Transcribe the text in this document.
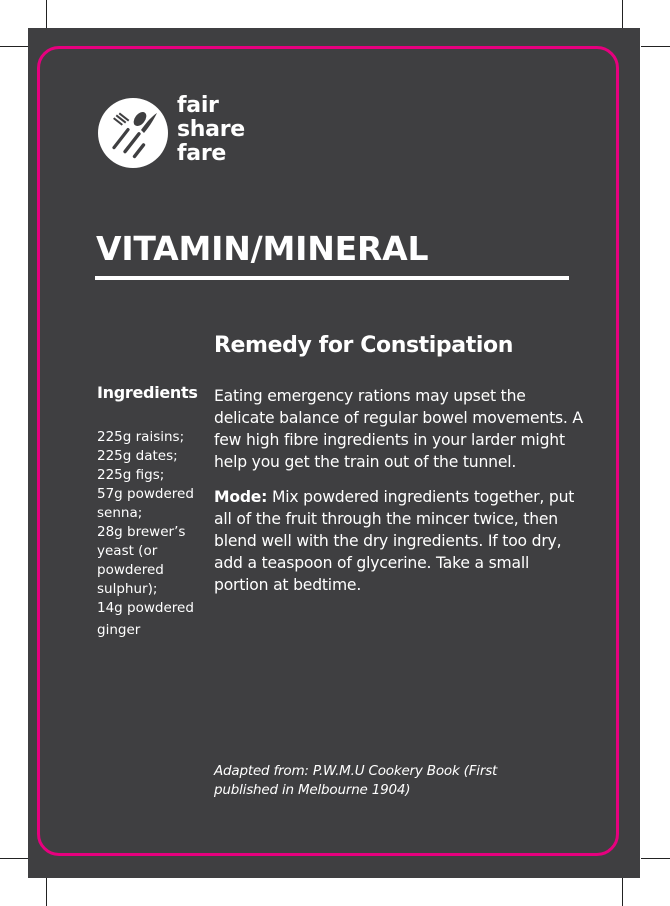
fair
share
fare
VITAMIN/MINERAL
Remedy for Constipation
Ingredients
225g raisins;
225g dates;
225g figs;
57g powdered
senna;
28g brewer’s
yeast (or
powdered
sulphur);
14g powdered
ginger
Eating emergency rations may upset the delicate balance of regular bowel movements. A few high fibre ingredients in your larder might help you get the train out of the tunnel.
Mode: Mix powdered ingredients together, put all of the fruit through the mincer twice, then blend well with the dry ingredients. If too dry, add a teaspoon of glycerine. Take a small portion at bedtime.
Adapted from: P.W.M.U Cookery Book (First published in Melbourne 1904)
